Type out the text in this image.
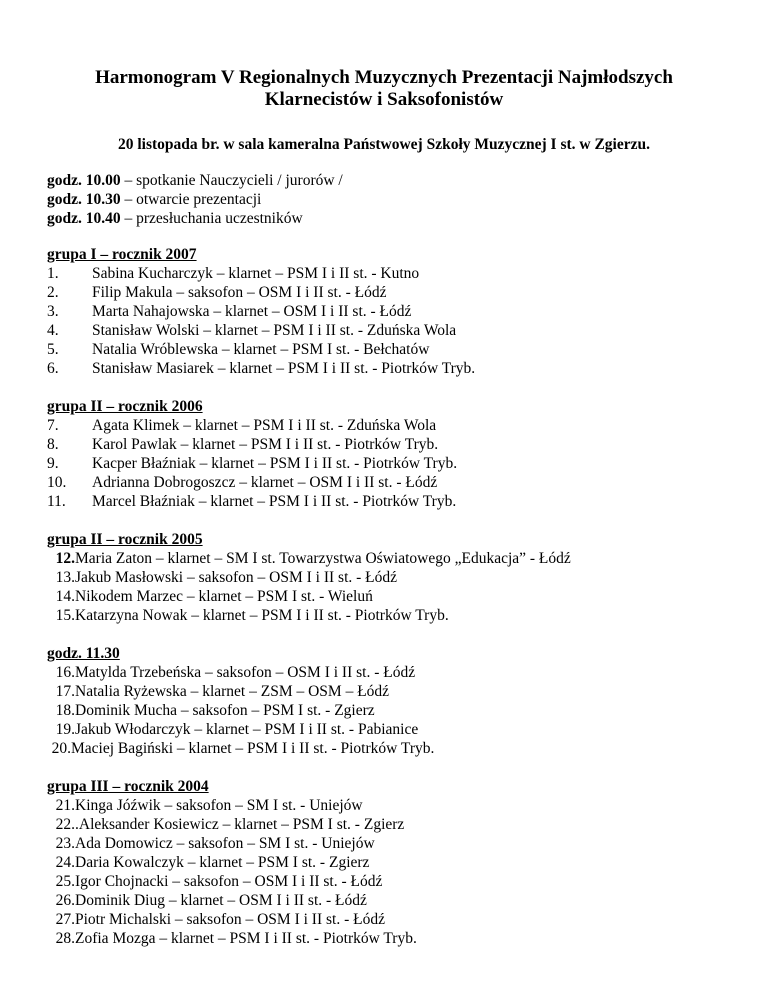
Harmonogram V Regionalnych Muzycznych Prezentacji Najmłodszych
Klarnecistów i Saksofonistów
20 listopada br. w sala kameralna Państwowej Szkoły Muzycznej I st. w Zgierzu.
godz. 10.00 – spotkanie Nauczycieli / jurorów /
godz. 10.30 – otwarcie prezentacji
godz. 10.40 – przesłuchania uczestników
grupa I – rocznik 2007
1. Sabina Kucharczyk – klarnet – PSM I i II st. - Kutno
2. Filip Makula – saksofon – OSM I i II st. - Łódź
3. Marta Nahajowska – klarnet – OSM I i II st. - Łódź
4. Stanisław Wolski – klarnet – PSM I i II st. - Zduńska Wola
5. Natalia Wróblewska – klarnet – PSM I st. - Bełchatów
6. Stanisław Masiarek – klarnet – PSM I i II st. - Piotrków Tryb.
grupa II – rocznik 2006
7. Agata Klimek – klarnet – PSM I i II st. - Zduńska Wola
8. Karol Pawlak – klarnet – PSM I i II st. - Piotrków Tryb.
9. Kacper Błaźniak – klarnet – PSM I i II st. - Piotrków Tryb.
10. Adrianna Dobrogoszcz – klarnet – OSM I i II st. - Łódź
11. Marcel Błaźniak – klarnet – PSM I i II st. - Piotrków Tryb.
grupa II – rocznik 2005
12.Maria Zaton – klarnet – SM I st. Towarzystwa Oświatowego „Edukacja” - Łódź
13.Jakub Masłowski – saksofon – OSM I i II st. - Łódź
14.Nikodem Marzec – klarnet – PSM I st. - Wieluń
15.Katarzyna Nowak – klarnet – PSM I i II st. - Piotrków Tryb.
godz. 11.30
16.Matylda Trzebeńska – saksofon – OSM I i II st. - Łódź
17.Natalia Ryżewska – klarnet – ZSM – OSM – Łódź
18.Dominik Mucha – saksofon – PSM I st. - Zgierz
19.Jakub Włodarczyk – klarnet – PSM I i II st. - Pabianice
20.Maciej Bagiński – klarnet – PSM I i II st. - Piotrków Tryb.
grupa III – rocznik 2004
21.Kinga Jóźwik – saksofon – SM I st. - Uniejów
22..Aleksander Kosiewicz – klarnet – PSM I st. - Zgierz
23.Ada Domowicz – saksofon – SM I st. - Uniejów
24.Daria Kowalczyk – klarnet – PSM I st. - Zgierz
25.Igor Chojnacki – saksofon – OSM I i II st. - Łódź
26.Dominik Diug – klarnet – OSM I i II st. - Łódź
27.Piotr Michalski – saksofon – OSM I i II st. - Łódź
28.Zofia Mozga – klarnet – PSM I i II st. - Piotrków Tryb.
